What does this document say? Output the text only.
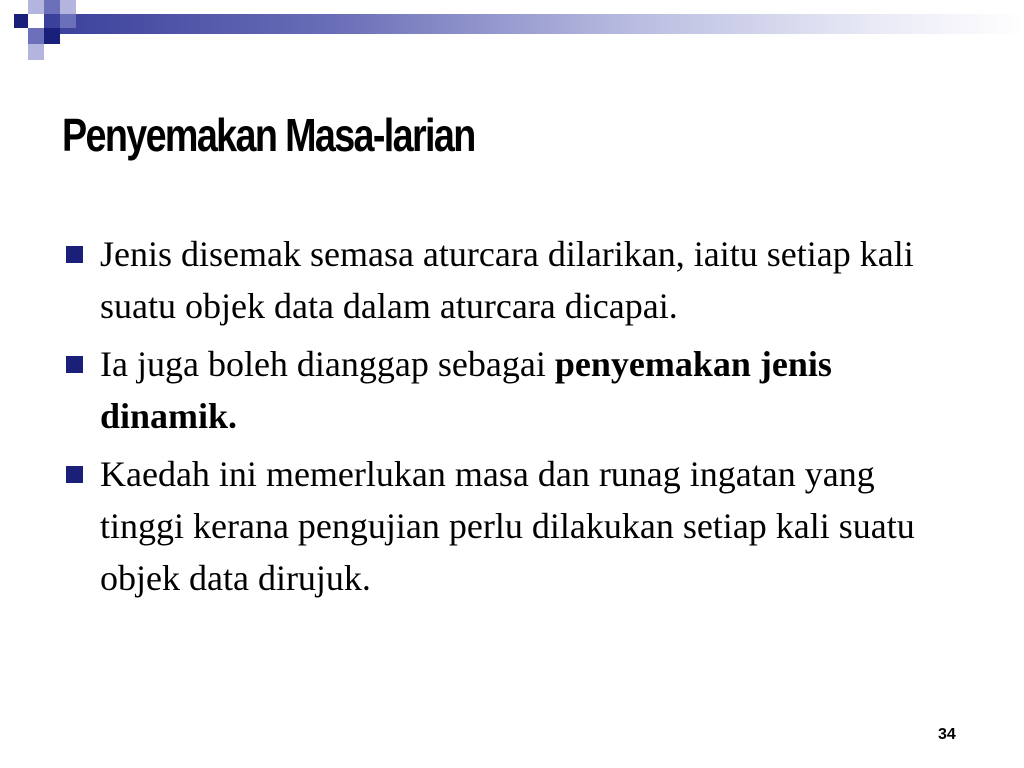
Penyemakan Masa-larian
Jenis disemak semasa aturcara dilarikan, iaitu setiap kali suatu objek data dalam aturcara dicapai.
Ia juga boleh dianggap sebagai penyemakan jenis dinamik.
Kaedah ini memerlukan masa dan runag ingatan yang tinggi kerana pengujian perlu dilakukan setiap kali suatu objek data dirujuk.
34
